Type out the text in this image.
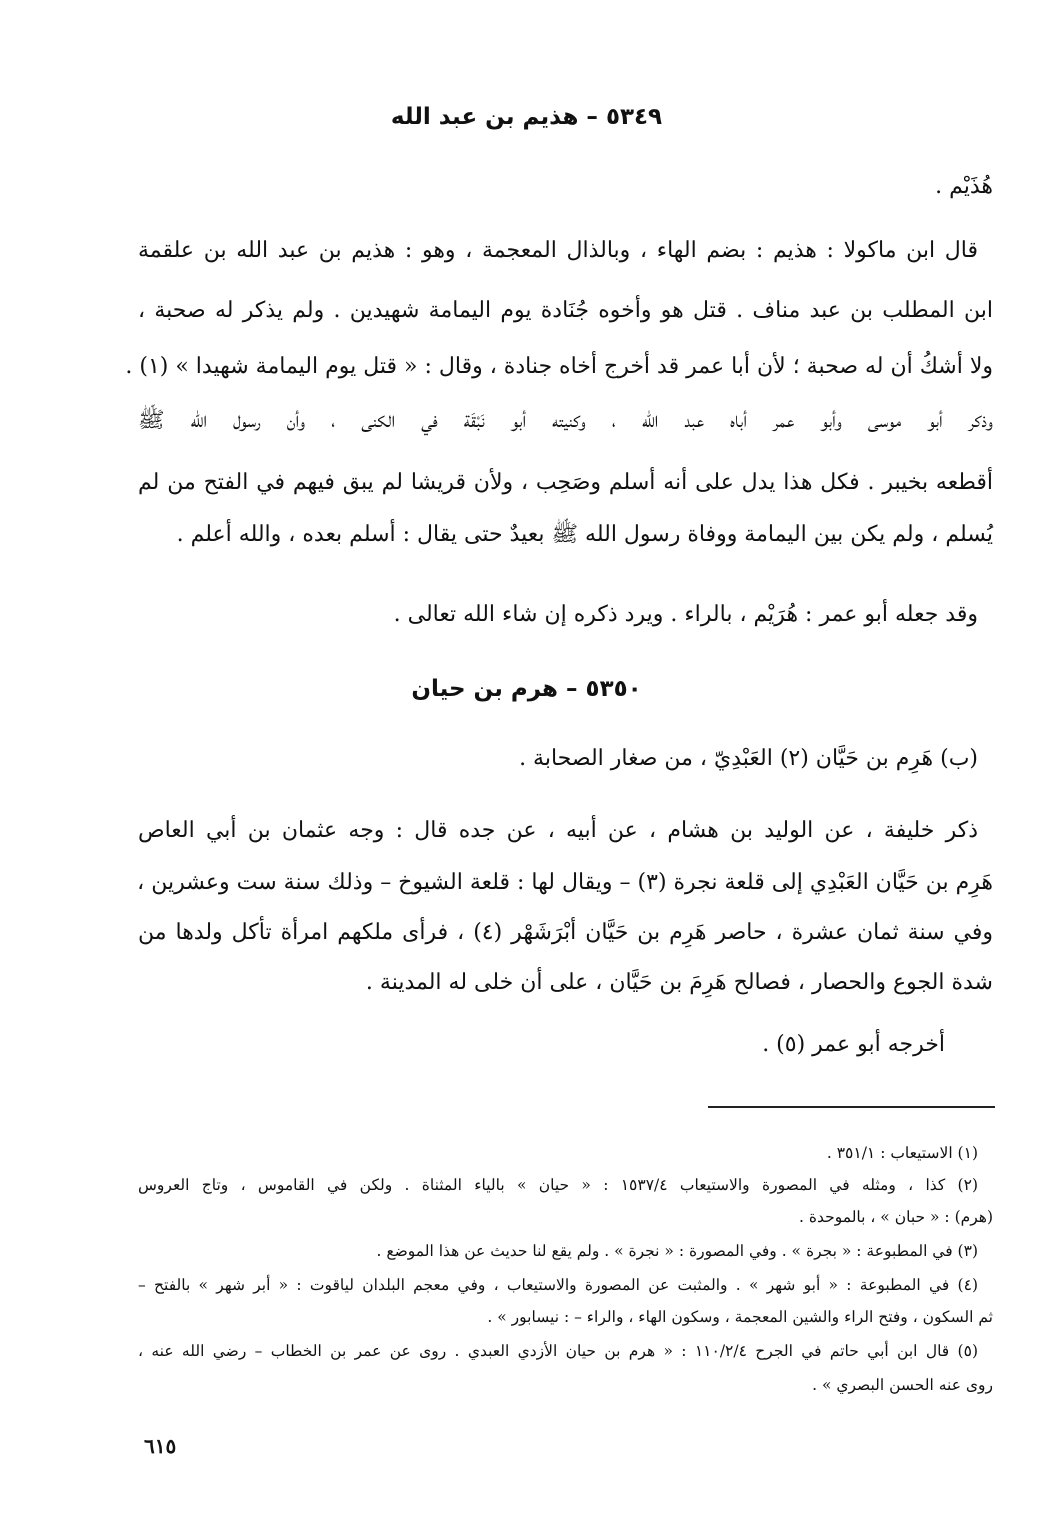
٥٣٤٩ – هذيم بن عبد الله
هُذَيْم .
قال ابن ماكولا : هذيم : بضم الهاء ، وبالذال المعجمة ، وهو : هذيم بن عبد الله بن علقمة
ابن المطلب بن عبد مناف . قتل هو وأخوه جُنَادة يوم اليمامة شهيدين . ولم يذكر له صحبة ،
ولا أشكُ أن له صحبة ؛ لأن أبا عمر قد أخرج أخاه جنادة ، وقال : « قتل يوم اليمامة شهيدا » (١) .
وذكر أبو موسى وأبو عمر أباه عبد الله ، وكنيته أبو نَبْقَة في الكنى ، وأن رسول الله ﷺ
أقطعه بخيبر . فكل هذا يدل على أنه أسلم وصَحِب ، ولأن قريشا لم يبق فيهم في الفتح من لم
يُسلم ، ولم يكن بين اليمامة ووفاة رسول الله ﷺ بعيدٌ حتى يقال : أسلم بعده ، والله أعلم .
وقد جعله أبو عمر : هُرَيْم ، بالراء . ويرد ذكره إن شاء الله تعالى .
٥٣٥٠ – هرم بن حيان
(ب) هَرِم بن حَيَّان (٢) العَبْدِيّ ، من صغار الصحابة .
ذكر خليفة ، عن الوليد بن هشام ، عن أبيه ، عن جده قال : وجه عثمان بن أبي العاص
هَرِم بن حَيَّان العَبْدِي إلى قلعة نجرة (٣) – ويقال لها : قلعة الشيوخ – وذلك سنة ست وعشرين ،
وفي سنة ثمان عشرة ، حاصر هَرِم بن حَيَّان أبْرَشَهْر (٤) ، فرأى ملكهم امرأة تأكل ولدها من
شدة الجوع والحصار ، فصالح هَرِمَ بن حَيَّان ، على أن خلى له المدينة .
أخرجه أبو عمر (٥) .
(١) الاستيعاب : ٣٥١/١ .
(٢) كذا ، ومثله في المصورة والاستيعاب ١٥٣٧/٤ : « حيان » بالياء المثناة . ولكن في القاموس ، وتاج العروس
(هرم) : « حبان » ، بالموحدة .
(٣) في المطبوعة : « بجرة » . وفي المصورة : « نجرة » . ولم يقع لنا حديث عن هذا الموضع .
(٤) في المطبوعة : « أبو شهر » . والمثبت عن المصورة والاستيعاب ، وفي معجم البلدان لياقوت : « أبر شهر » بالفتح –
ثم السكون ، وفتح الراء والشين المعجمة ، وسكون الهاء ، والراء – : نيسابور » .
(٥) قال ابن أبي حاتم في الجرح ١١٠/٢/٤ : « هرم بن حيان الأزدي العبدي . روى عن عمر بن الخطاب – رضي الله عنه ،
روى عنه الحسن البصري » .
٦١٥
